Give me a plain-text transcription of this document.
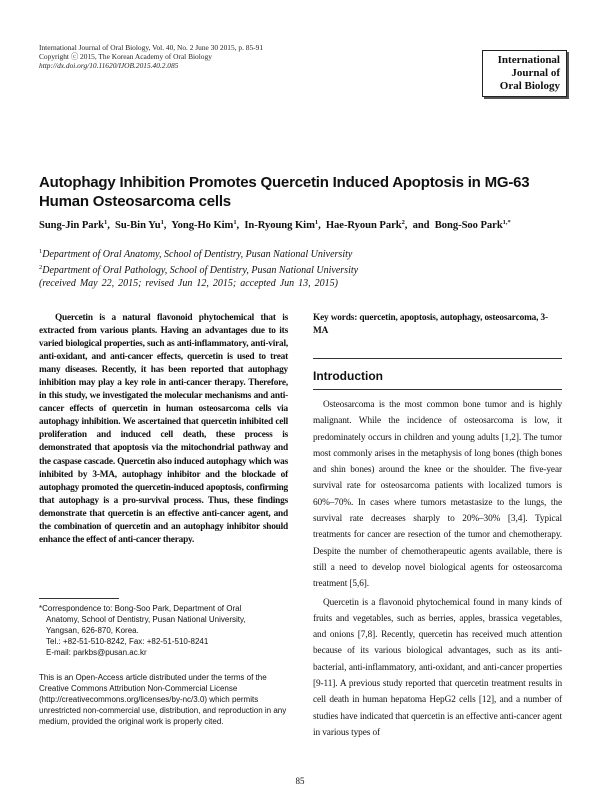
International Journal of Oral Biology, Vol. 40, No. 2 June 30 2015, p. 85-91
Copyright ⓒ 2015, The Korean Academy of Oral Biology
http://dx.doi.org/10.11620/IJOB.2015.40.2.085	International
Journal of
Oral Biology
Autophagy Inhibition Promotes Quercetin Induced Apoptosis in MG-63 Human Osteosarcoma cells
Sung-Jin Park$^1$,  Su-Bin Yu$^1$,  Yong-Ho Kim$^1$,  In-Ryoung Kim$^1$,  Hae-Ryoun Park$^2$,  and Bong-Soo Park$^{1,*}$
$^1$Department of Oral Anatomy, School of Dentistry, Pusan National University
$^2$Department of Oral Pathology, School of Dentistry, Pusan National University
(received May 22, 2015; revised Jun 12, 2015; accepted Jun 13, 2015)

Quercetin is a natural flavonoid phytochemical that is extracted from various plants. Having an advantages due to its varied biological properties, such as anti-inflammatory, anti-viral, anti-oxidant, and anti-cancer effects, quercetin is used to treat many diseases. Recently, it has been reported that autophagy inhibition may play a key role in anti-cancer therapy. Therefore, in this study, we investigated the molecular mechanisms and anti-cancer effects of quercetin in human osteosarcoma cells via autophagy inhibition. We ascertained that quercetin inhibited cell proliferation and induced cell death, these process is demonstrated that apoptosis via the mitochondrial pathway and the caspase cascade. Quercetin also induced autophagy which was inhibited by 3-MA, autophagy inhibitor and the blockade of autophagy promoted the quercetin-induced apoptosis, confirming that autophagy is a pro-survival process. Thus, these findings demonstrate that quercetin is an effective anti-cancer agent, and the combination of quercetin and an autophagy inhibitor should enhance the effect of anti-cancer therapy.

Key words: quercetin, apoptosis, autophagy, osteosarcoma, 3-MA
Introduction

Osteosarcoma is the most common bone tumor and is highly malignant. While the incidence of osteosarcoma is low, it predominately occurs in children and young adults [1,2]. The tumor most commonly arises in the metaphysis of long bones (thigh bones and shin bones) around the knee or the shoulder. The five-year survival rate for osteosarcoma patients with localized tumors is 60%–70%. In cases where tumors metastasize to the lungs, the survival rate decreases sharply to 20%–30% [3,4]. Typical treatments for cancer are resection of the tumor and chemotherapy. Despite the number of chemotherapeutic agents available, there is still a need to develop novel biological agents for osteosarcoma treatment [5,6].

Quercetin is a flavonoid phytochemical found in many kinds of fruits and vegetables, such as berries, apples, brassica vegetables, and onions [7,8]. Recently, quercetin has received much attention because of its various biological advantages, such as its anti-bacterial, anti-inflammatory, anti-oxidant, and anti-cancer properties [9-11]. A previous study reported that quercetin treatment results in cell death in human hepatoma HepG2 cells [12], and a number of studies have indicated that quercetin is an effective anti-cancer agent in various types of

*Correspondence to: Bong-Soo Park, Department of Oral
Anatomy, School of Dentistry, Pusan National University,
Yangsan, 626-870, Korea.
Tel.: +82-51-510-8242, Fax: +82-51-510-8241
E-mail: parkbs@pusan.ac.kr
This is an Open-Access article distributed under the terms of the Creative Commons Attribution Non-Commercial License (http://creativecommons.org/licenses/by-nc/3.0) which permits unrestricted non-commercial use, distribution, and reproduction in any medium, provided the original work is properly cited.
85
